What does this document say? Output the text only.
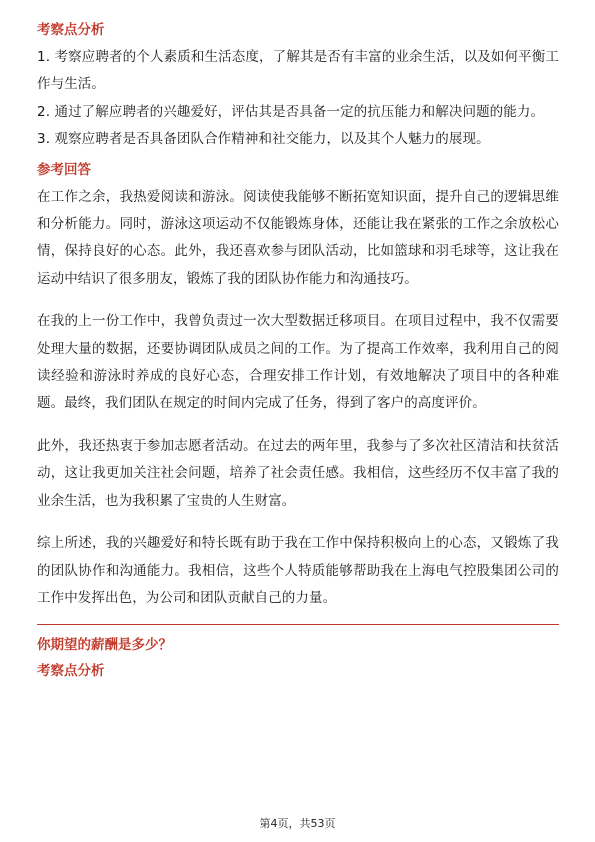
考察点分析

1. 考察应聘者的个人素质和生活态度，了解其是否有丰富的业余生活，以及如何平衡工作与生活。

2. 通过了解应聘者的兴趣爱好，评估其是否具备一定的抗压能力和解决问题的能力。

3. 观察应聘者是否具备团队合作精神和社交能力，以及其个人魅力的展现。

参考回答

在工作之余，我热爱阅读和游泳。阅读使我能够不断拓宽知识面，提升自己的逻辑思维和分析能力。同时，游泳这项运动不仅能锻炼身体，还能让我在紧张的工作之余放松心情，保持良好的心态。此外，我还喜欢参与团队活动，比如篮球和羽毛球等，这让我在运动中结识了很多朋友，锻炼了我的团队协作能力和沟通技巧。

在我的上一份工作中，我曾负责过一次大型数据迁移项目。在项目过程中，我不仅需要处理大量的数据，还要协调团队成员之间的工作。为了提高工作效率，我利用自己的阅读经验和游泳时养成的良好心态，合理安排工作计划，有效地解决了项目中的各种难题。最终，我们团队在规定的时间内完成了任务，得到了客户的高度评价。

此外，我还热衷于参加志愿者活动。在过去的两年里，我参与了多次社区清洁和扶贫活动，这让我更加关注社会问题，培养了社会责任感。我相信，这些经历不仅丰富了我的业余生活，也为我积累了宝贵的人生财富。

综上所述，我的兴趣爱好和特长既有助于我在工作中保持积极向上的心态，又锻炼了我的团队协作和沟通能力。我相信，这些个人特质能够帮助我在上海电气控股集团公司的工作中发挥出色，为公司和团队贡献自己的力量。

你期望的薪酬是多少？
考察点分析
第4页，共53页
